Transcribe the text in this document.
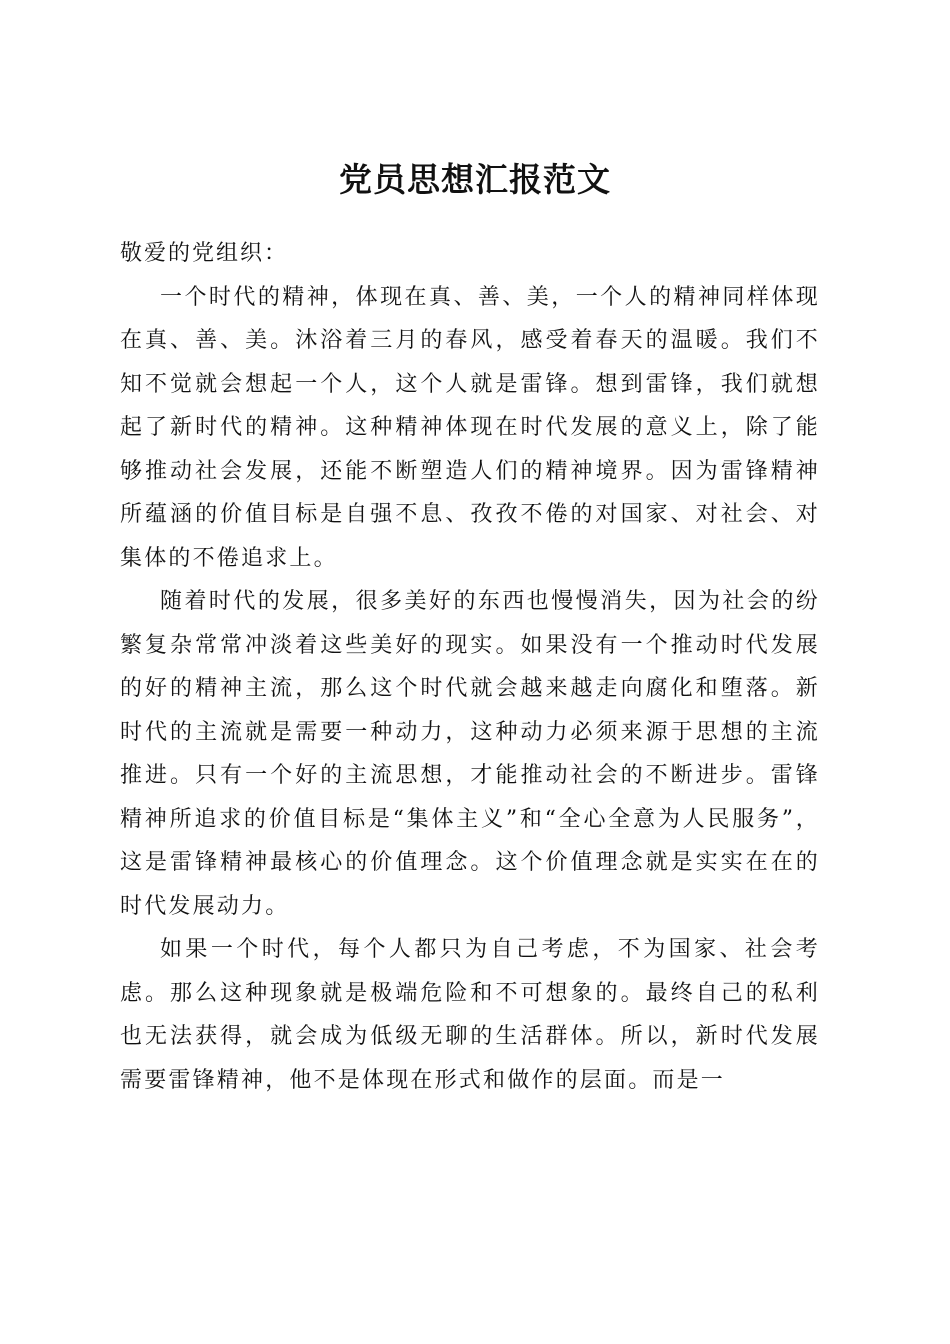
党员思想汇报范文

敬爱的党组织：

一个时代的精神，体现在真、善、美，一个人的精神同样体现在真、善、美。沐浴着三月的春风，感受着春天的温暖。我们不知不觉就会想起一个人，这个人就是雷锋。想到雷锋，我们就想起了新时代的精神。这种精神体现在时代发展的意义上，除了能够推动社会发展，还能不断塑造人们的精神境界。因为雷锋精神所蕴涵的价值目标是自强不息、孜孜不倦的对国家、对社会、对集体的不倦追求上。

随着时代的发展，很多美好的东西也慢慢消失，因为社会的纷繁复杂常常冲淡着这些美好的现实。如果没有一个推动时代发展的好的精神主流，那么这个时代就会越来越走向腐化和堕落。新时代的主流就是需要一种动力，这种动力必须来源于思想的主流推进。只有一个好的主流思想，才能推动社会的不断进步。雷锋精神所追求的价值目标是“集体主义”和“全心全意为人民服务”，这是雷锋精神最核心的价值理念。这个价值理念就是实实在在的时代发展动力。

如果一个时代，每个人都只为自己考虑，不为国家、社会考虑。那么这种现象就是极端危险和不可想象的。最终自己的私利也无法获得，就会成为低级无聊的生活群体。所以，新时代发展需要雷锋精神，他不是体现在形式和做作的层面。而是一
